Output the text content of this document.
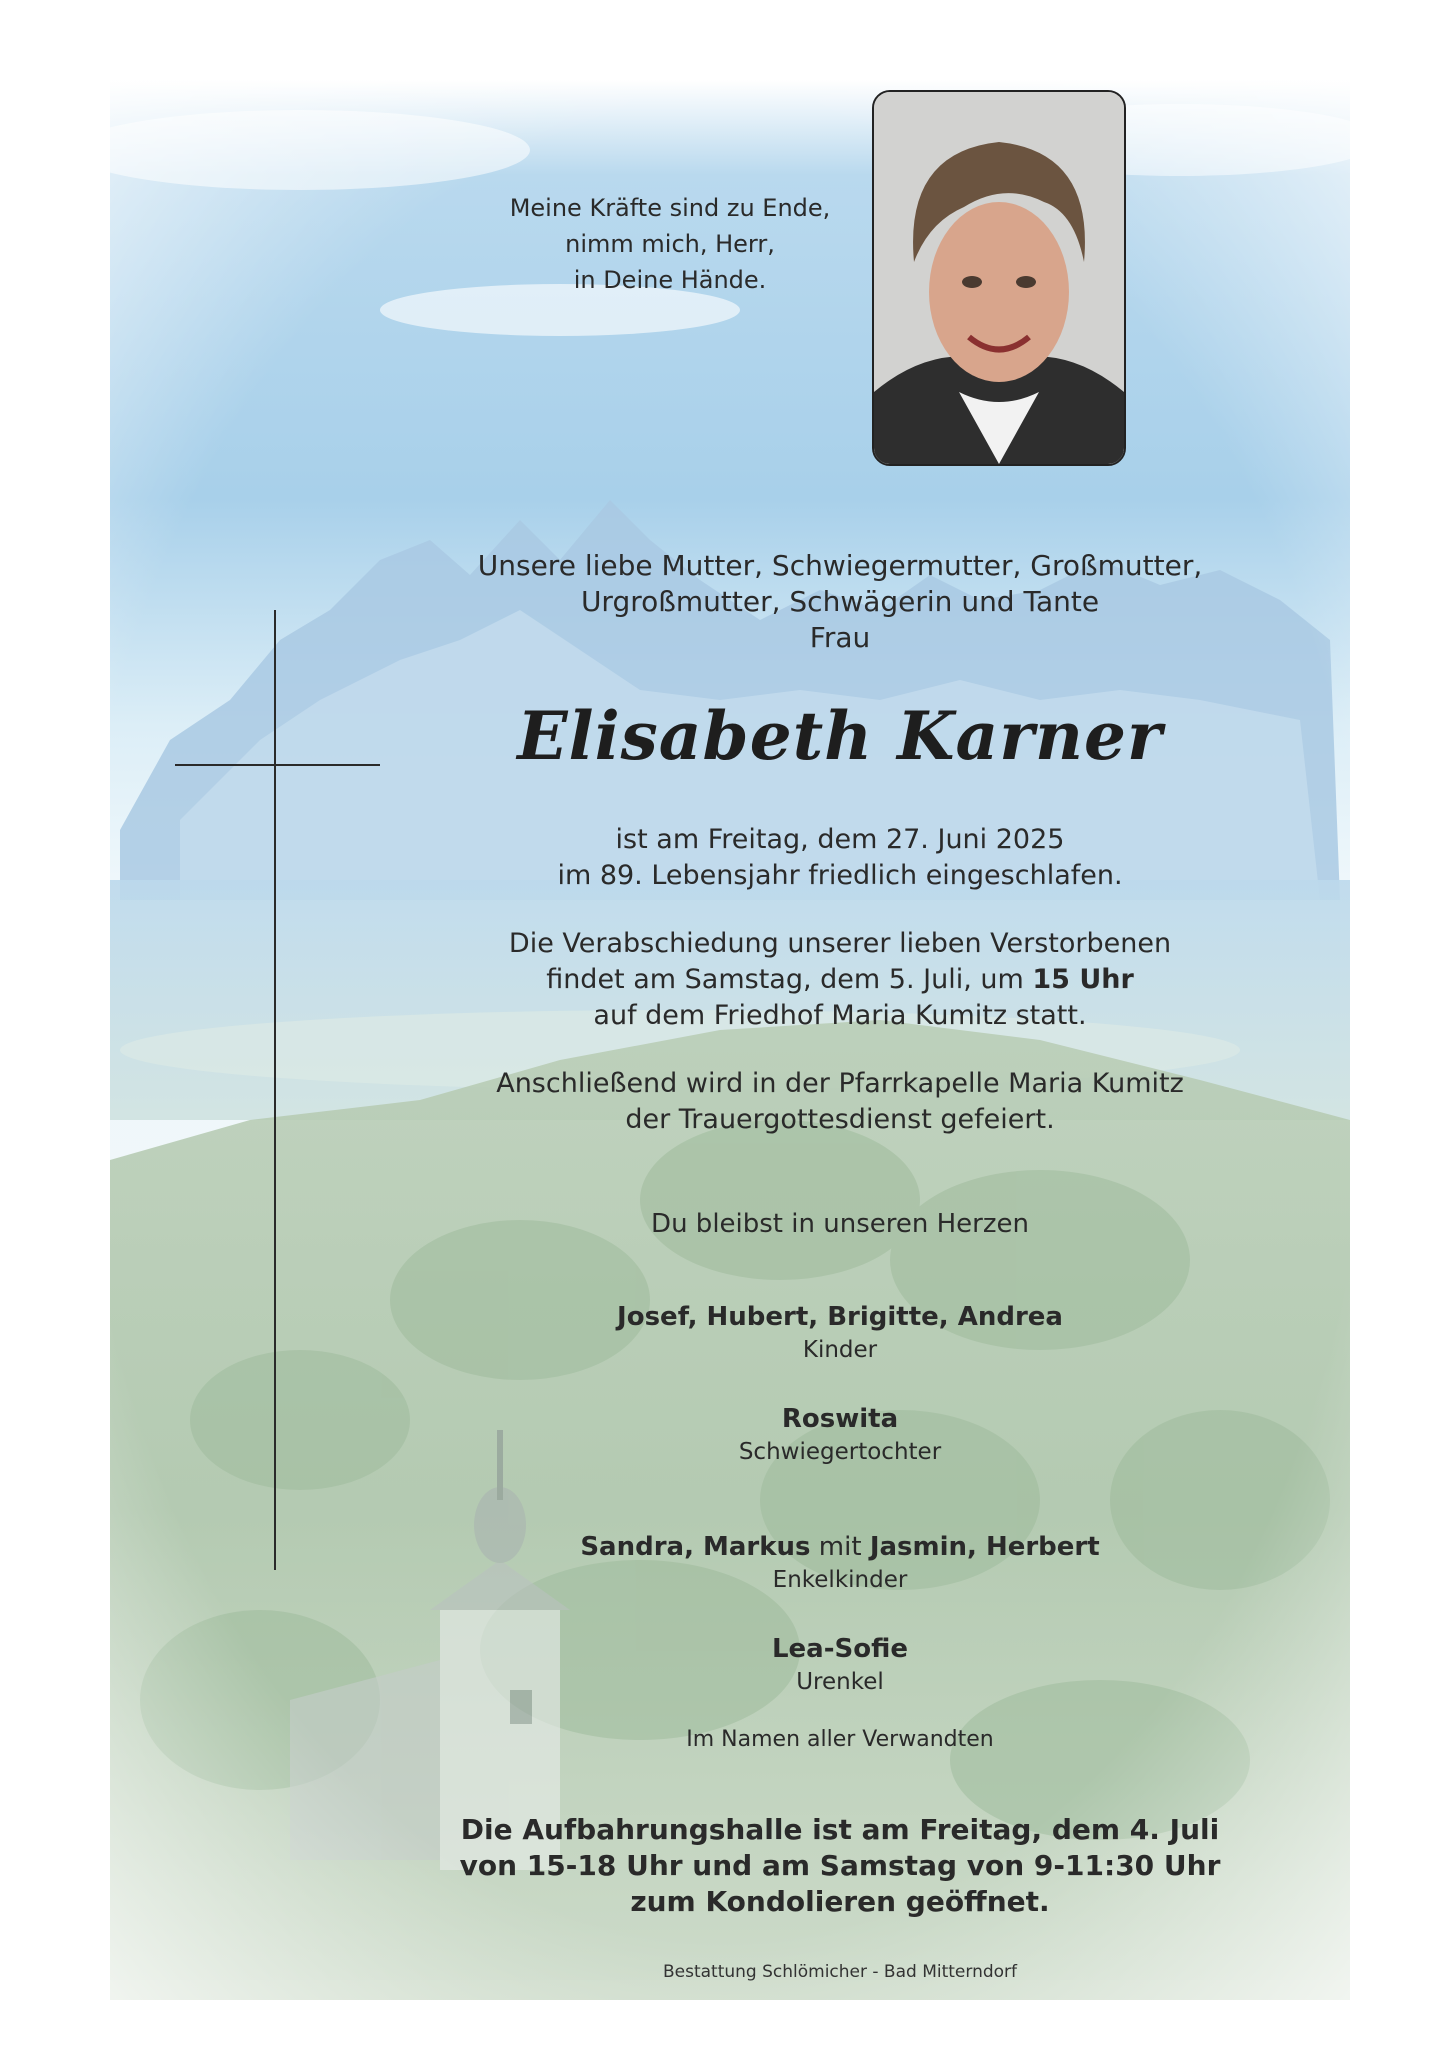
Meine Kräfte sind zu Ende,
nimm mich, Herr,
in Deine Hände.
Unsere liebe Mutter, Schwiegermutter, Großmutter,
Urgroßmutter, Schwägerin und Tante
Frau
Elisabeth Karner
ist am Freitag, dem 27. Juni 2025
im 89. Lebensjahr friedlich eingeschlafen.
Die Verabschiedung unserer lieben Verstorbenen
findet am Samstag, dem 5. Juli, um 15 Uhr
auf dem Friedhof Maria Kumitz statt.
Anschließend wird in der Pfarrkapelle Maria Kumitz
der Trauergottesdienst gefeiert.
Du bleibst in unseren Herzen
Josef, Hubert, Brigitte, Andrea
Kinder
Roswita
Schwiegertochter
Sandra, Markus mit Jasmin, Herbert
Enkelkinder
Lea-Sofie
Urenkel
Im Namen aller Verwandten
Die Aufbahrungshalle ist am Freitag, dem 4. Juli
von 15-18 Uhr und am Samstag von 9-11:30 Uhr
zum Kondolieren geöffnet.
Bestattung Schlömicher - Bad Mitterndorf
